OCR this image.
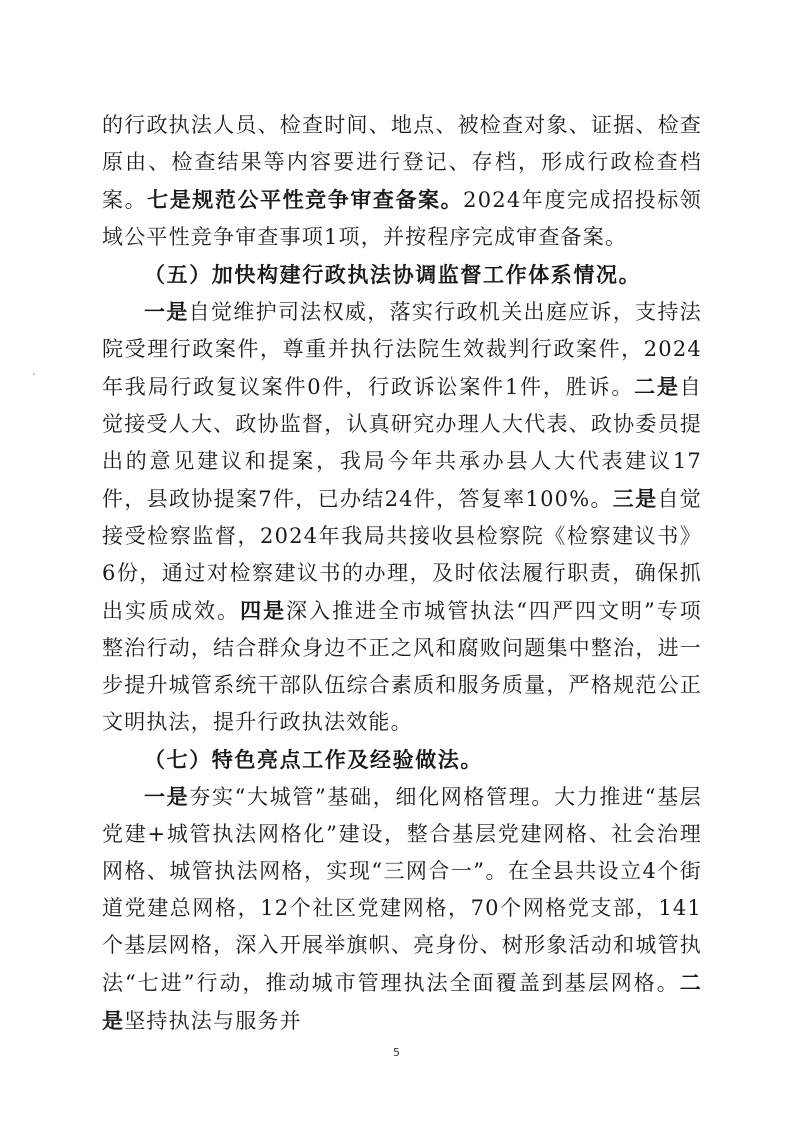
的行政执法人员、检查时间、地点、被检查对象、证据、检查原由、检查结果等内容要进行登记、存档，形成行政检查档案。七是规范公平性竞争审查备案。2024年度完成招投标领域公平性竞争审查事项1项，并按程序完成审查备案。

（五）加快构建行政执法协调监督工作体系情况。

一是自觉维护司法权威，落实行政机关出庭应诉，支持法院受理行政案件，尊重并执行法院生效裁判行政案件，2024年我局行政复议案件0件，行政诉讼案件1件，胜诉。二是自觉接受人大、政协监督，认真研究办理人大代表、政协委员提出的意见建议和提案，我局今年共承办县人大代表建议17件，县政协提案7件，已办结24件，答复率100%。三是自觉接受检察监督，2024年我局共接收县检察院《检察建议书》6份，通过对检察建议书的办理，及时依法履行职责，确保抓出实质成效。四是深入推进全市城管执法“四严四文明”专项整治行动，结合群众身边不正之风和腐败问题集中整治，进一步提升城管系统干部队伍综合素质和服务质量，严格规范公正文明执法，提升行政执法效能。

（七）特色亮点工作及经验做法。

一是夯实“大城管”基础，细化网格管理。大力推进“基层党建+城管执法网格化”建设，整合基层党建网格、社会治理网格、城管执法网格，实现“三网合一”。在全县共设立4个街道党建总网格，12个社区党建网格，70个网格党支部，141个基层网格，深入开展举旗帜、亮身份、树形象活动和城管执法“七进”行动，推动城市管理执法全面覆盖到基层网格。二是坚持执法与服务并

5
